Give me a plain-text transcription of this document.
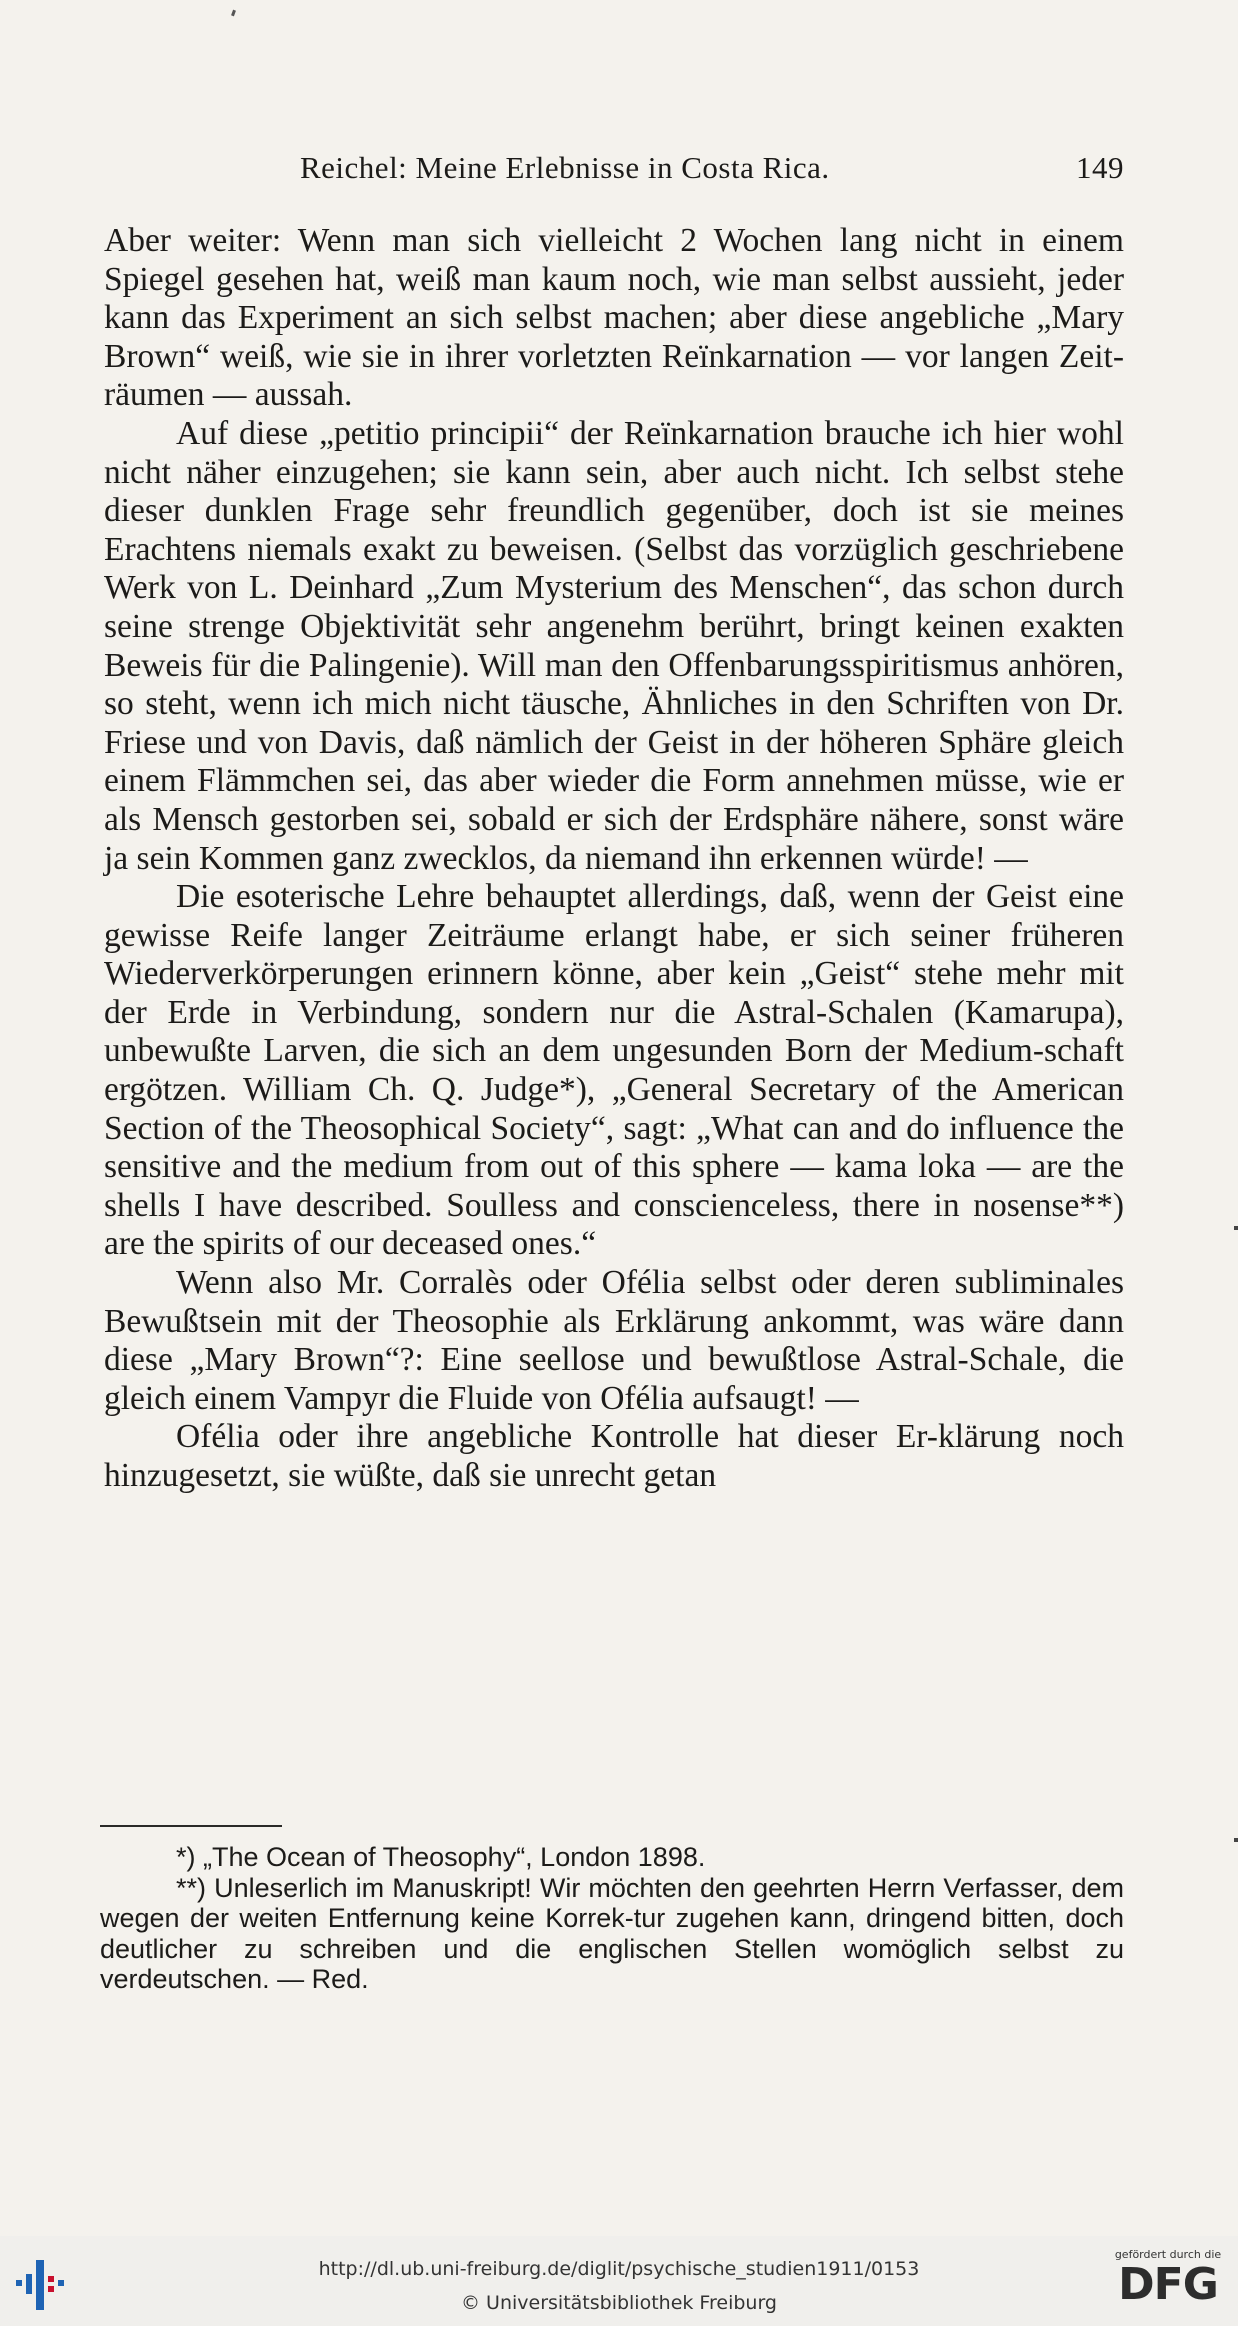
Reichel: Meine Erlebnisse in Costa Rica.	149

Aber weiter: Wenn man sich vielleicht 2 Wochen lang nicht in einem Spiegel gesehen hat, weiß man kaum noch, wie man selbst aussieht, jeder kann das Experiment an sich selbst machen; aber diese angebliche „Mary Brown“ weiß, wie sie in ihrer vorletzten Reïnkarnation — vor langen Zeit-räumen — aussah.

Auf diese „petitio principii“ der Reïnkarnation brauche ich hier wohl nicht näher einzugehen; sie kann sein, aber auch nicht. Ich selbst stehe dieser dunklen Frage sehr freundlich gegenüber, doch ist sie meines Erachtens niemals exakt zu beweisen. (Selbst das vorzüglich geschriebene Werk von L. Deinhard „Zum Mysterium des Menschen“, das schon durch seine strenge Objektivität sehr angenehm berührt, bringt keinen exakten Beweis für die Palingenie). Will man den Offenbarungsspiritismus anhören, so steht, wenn ich mich nicht täusche, Ähnliches in den Schriften von Dr. Friese und von Davis, daß nämlich der Geist in der höheren Sphäre gleich einem Flämmchen sei, das aber wieder die Form annehmen müsse, wie er als Mensch gestorben sei, sobald er sich der Erdsphäre nähere, sonst wäre ja sein Kommen ganz zwecklos, da niemand ihn erkennen würde! —

Die esoterische Lehre behauptet allerdings, daß, wenn der Geist eine gewisse Reife langer Zeiträume erlangt habe, er sich seiner früheren Wiederverkörperungen erinnern könne, aber kein „Geist“ stehe mehr mit der Erde in Verbindung, sondern nur die Astral-Schalen (Kamarupa), unbewußte Larven, die sich an dem ungesunden Born der Medium-schaft ergötzen. William Ch. Q. Judge*), „General Secretary of the American Section of the Theosophical Society“, sagt: „What can and do influence the sensitive and the medium from out of this sphere — kama loka — are the shells I have described. Soulless and conscienceless, there in nosense**) are the spirits of our deceased ones.“

Wenn also Mr. Corralès oder Ofélia selbst oder deren subliminales Bewußtsein mit der Theosophie als Erklärung ankommt, was wäre dann diese „Mary Brown“?: Eine seellose und bewußtlose Astral-Schale, die gleich einem Vampyr die Fluide von Ofélia aufsaugt! —

Ofélia oder ihre angebliche Kontrolle hat dieser Er-klärung noch hinzugesetzt, sie wüßte, daß sie unrecht getan

*) „The Ocean of Theosophy“, London 1898.

**) Unleserlich im Manuskript! Wir möchten den geehrten Herrn Verfasser, dem wegen der weiten Entfernung keine Korrek-tur zugehen kann, dringend bitten, doch deutlicher zu schreiben und die englischen Stellen womöglich selbst zu verdeutschen. — Red.

http://dl.ub.uni-freiburg.de/diglit/psychische_studien1911/0153
© Universitätsbibliothek Freiburg
gefördert durch die
DFG
